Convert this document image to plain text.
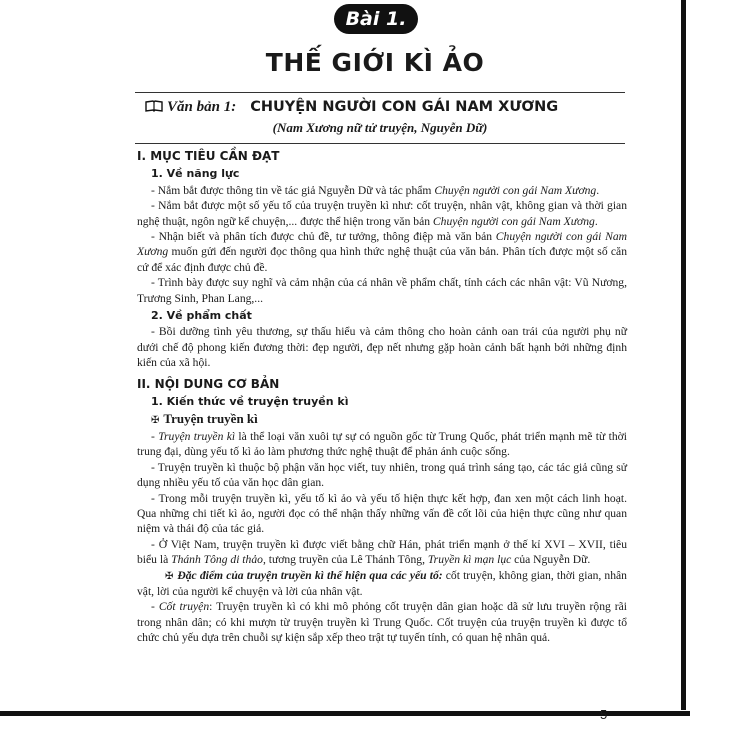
Bài 1.
THẾ GIỚI KÌ ẢO
Văn bản 1: CHUYỆN NGƯỜI CON GÁI NAM XƯƠNG
(Nam Xương nữ tử truyện, Nguyễn Dữ)
I. MỤC TIÊU CẦN ĐẠT
1. Về năng lực

- Nắm bắt được thông tin về tác giả Nguyễn Dữ và tác phẩm Chuyện người con gái Nam Xương.

- Nắm bắt được một số yếu tố của truyện truyền kì như: cốt truyện, nhân vật, không gian và thời gian nghệ thuật, ngôn ngữ kể chuyện,... được thể hiện trong văn bản Chuyện người con gái Nam Xương.

- Nhận biết và phân tích được chủ đề, tư tưởng, thông điệp mà văn bản Chuyện người con gái Nam Xương muốn gửi đến người đọc thông qua hình thức nghệ thuật của văn bản. Phân tích được một số căn cứ để xác định được chủ đề.

- Trình bày được suy nghĩ và cảm nhận của cá nhân về phẩm chất, tính cách các nhân vật: Vũ Nương, Trương Sinh, Phan Lang,...

2. Về phẩm chất

- Bồi dưỡng tình yêu thương, sự thấu hiểu và cảm thông cho hoàn cảnh oan trái của người phụ nữ dưới chế độ phong kiến đương thời: đẹp người, đẹp nết nhưng gặp hoàn cảnh bất hạnh bởi những định kiến của xã hội.

II. NỘI DUNG CƠ BẢN
1. Kiến thức về truyện truyền kì
✠ Truyện truyền kì

- Truyện truyền kì là thể loại văn xuôi tự sự có nguồn gốc từ Trung Quốc, phát triển mạnh mẽ từ thời trung đại, dùng yếu tố kì ảo làm phương thức nghệ thuật để phản ánh cuộc sống.

- Truyện truyền kì thuộc bộ phận văn học viết, tuy nhiên, trong quá trình sáng tạo, các tác giả cũng sử dụng nhiều yếu tố của văn học dân gian.

- Trong mỗi truyện truyền kì, yếu tố kì ảo và yếu tố hiện thực kết hợp, đan xen một cách linh hoạt. Qua những chi tiết kì ảo, người đọc có thể nhận thấy những vấn đề cốt lõi của hiện thực cũng như quan niệm và thái độ của tác giả.

- Ở Việt Nam, truyện truyền kì được viết bằng chữ Hán, phát triển mạnh ở thế kỉ XVI – XVII, tiêu biểu là Thánh Tông di thảo, tương truyền của Lê Thánh Tông, Truyền kì mạn lục của Nguyễn Dữ.

✠ Đặc điểm của truyện truyền kì thể hiện qua các yếu tố: cốt truyện, không gian, thời gian, nhân vật, lời của người kể chuyện và lời của nhân vật.

- Cốt truyện: Truyện truyền kì có khi mô phỏng cốt truyện dân gian hoặc dã sử lưu truyền rộng rãi trong nhân dân; có khi mượn từ truyện truyền kì Trung Quốc. Cốt truyện của truyện truyền kì được tổ chức chủ yếu dựa trên chuỗi sự kiện sắp xếp theo trật tự tuyến tính, có quan hệ nhân quả.

5
